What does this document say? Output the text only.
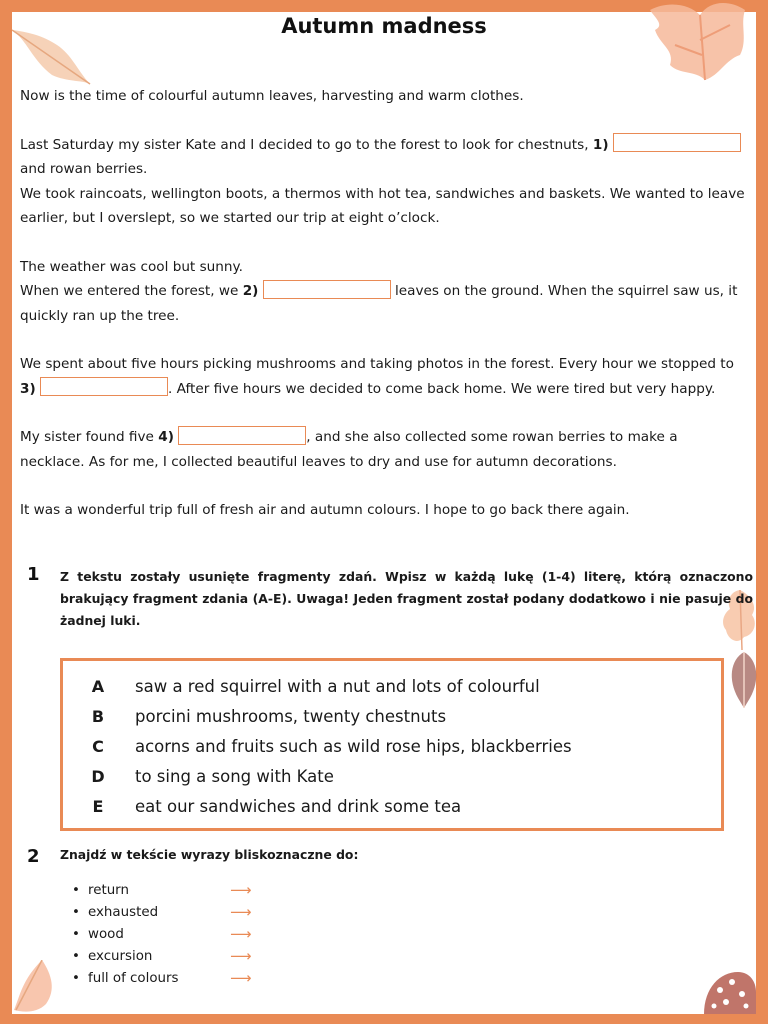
Autumn madness

Now is the time of colourful autumn leaves, harvesting and warm clothes.

Last Saturday my sister Kate and I decided to go to the forest to look for chestnuts, 1)  and rowan berries.
We took raincoats, wellington boots, a thermos with hot tea, sandwiches and baskets. We wanted to leave earlier, but I overslept, so we started our trip at eight o’clock.

The weather was cool but sunny.
When we entered the forest, we 2)	leaves on the ground. When the squirrel saw us, it quickly ran up the tree.

We spent about five hours picking mushrooms and taking photos in the forest. Every hour we stopped to 3)	. After five hours we decided to come back home. We were tired but very happy.

My sister found five 4)	, and she also collected some rowan berries to make a necklace. As for me, I collected beautiful leaves to dry and use for autumn decorations.

It was a wonderful trip full of fresh air and autumn colours. I hope to go back there again.

1 Z tekstu zostały usunięte fragmenty zdań. Wpisz w każdą lukę (1-4) literę, którą oznaczono brakujący fragment zdania (A-E). Uwaga! Jeden fragment został podany dodatkowo i nie pasuje do żadnej luki.
A	saw a red squirrel with a nut and lots of colourful
B	porcini mushrooms, twenty chestnuts
C	acorns and fruits such as wild rose hips, blackberries
D	to sing a song with Kate
E	eat our sandwiches and drink some tea
2 Znajdź w tekście wyrazy bliskoznaczne do:
• return	⟶
• exhausted	⟶
• wood	⟶
• excursion	⟶
• full of colours	⟶
